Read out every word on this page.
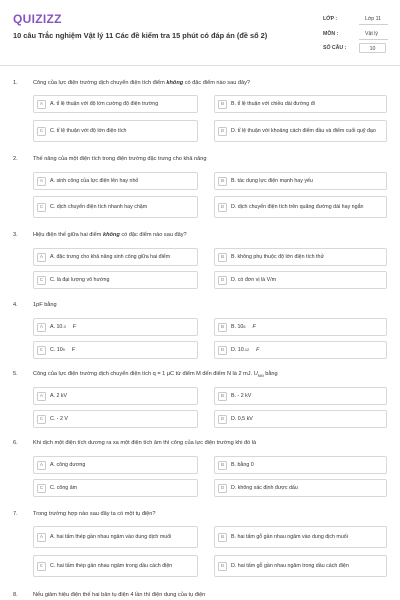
QUIZIZZ
10 câu Trắc nghiệm Vật lý 11 Các đề kiểm tra 15 phút có đáp án (đề số 2)
LỚP :	Lớp 11
MÔN :	Vật lý
SỐ CÂU :	10
1.	Công của lực điện trường dịch chuyển điện tích điểm không có đặc điểm nào sau đây?
A	A. tỉ lệ thuận với độ lớn cường độ điện trường	B	B. tỉ lệ thuận với chiều dài đường đi
C	C. tỉ lệ thuận với độ lớn điện tích	D	D. tỉ lệ thuận với khoảng cách điểm đầu và điểm cuối quỹ đạo
2.	Thế năng của một điện tích trong điện trường đặc trưng cho khả năng
A	A. sinh công của lực điện lên hay nhỏ	B	B. tác dụng lực điện mạnh hay yếu
C	C. dịch chuyển điện tích nhanh hay chậm	D	D. dịch chuyển điện tích trên quãng đường dài hay ngắn
3.	Hiệu điện thế giữa hai điểm không có đặc điểm nào sau đây?
A	A. đặc trưng cho khả năng sinh công giữa hai điểm	B	B. không phụ thuộc độ lớn điện tích thử
C	C. là đại lượng vô hướng	D	D. có đơn vị là V/m
4.	1pF bằng
A	A. 10 -3 F	B	B. 10 6 F
C	C. 10 9 F	D	D. 10 -12 F
5.	Công của lực điện trường dịch chuyển điện tích q = 1 μC từ điểm M đến điểm N là 2 mJ. $U_{NM}$ bằng
A	A. 2 kV	B	B. - 2 kV
C	C. - 2 V	D	D. 0,5 kV
6.	Khi dịch một điện tích dương ra xa một điện tích âm thì công của lực điện trường khi đó là
A	A. công dương	B	B. bằng 0
C	C. công âm	D	D. không xác định được dấu
7.	Trong trường hợp nào sau đây ta có một tụ điện?
A	A. hai tấm thép gần nhau ngâm vào dung dịch muối	B	B. hai tấm gỗ gần nhau ngâm vào dung dịch muối
C	C. hai tấm thép gần nhau ngâm trong dầu cách điện	D	D. hai tấm gỗ gần nhau ngâm trong dầu cách điện
8.	Nếu giảm hiệu điện thế hai bản tụ điện 4 lần thì điện dung của tụ điện
